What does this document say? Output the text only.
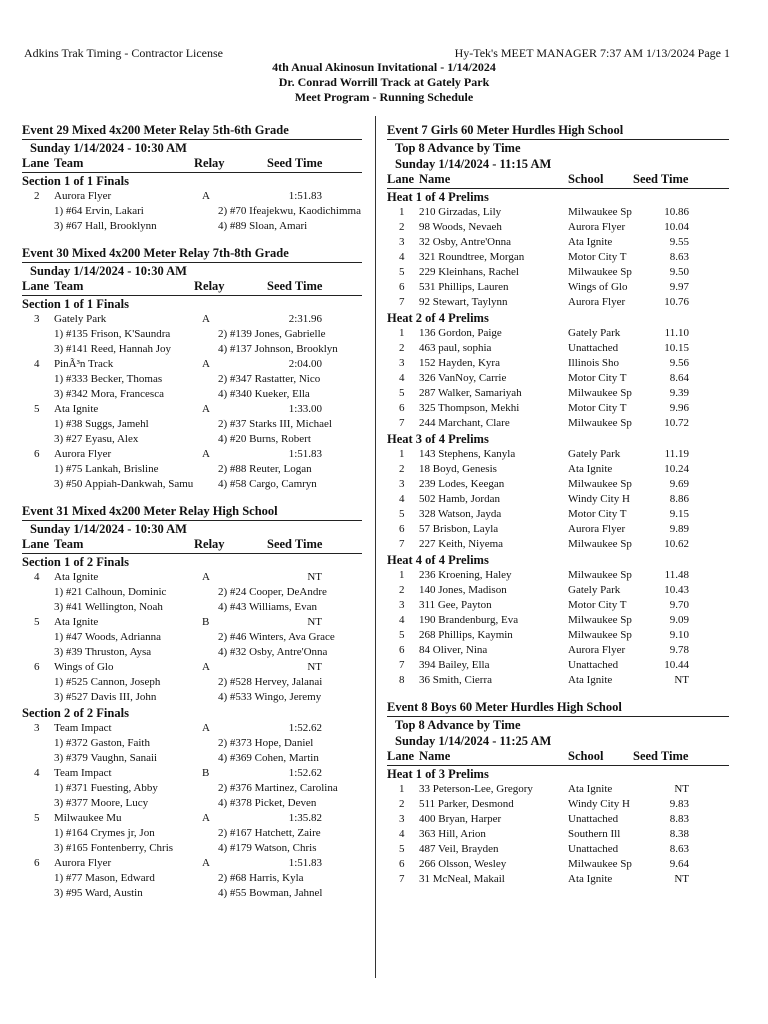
Adkins Trak Timing - Contractor License	Hy-Tek's MEET MANAGER 7:37 AM 1/13/2024 Page 1
4th Anual Akinosun Invitational - 1/14/2024
Dr. Conrad Worrill Track at Gately Park
Meet Program - Running Schedule
Event 29 Mixed 4x200 Meter Relay 5th-6th Grade
Sunday 1/14/2024 - 10:30 AM
Lane Team	Relay	Seed Time
Section 1 of 1 Finals
2 Aurora Flyer	A	1:51.83
1) #64 Ervin, Lakari	2) #70 Ifeajekwu, Kaodichimma
3) #67 Hall, Brooklynn	4) #89 Sloan, Amari
Event 30 Mixed 4x200 Meter Relay 7th-8th Grade
Sunday 1/14/2024 - 10:30 AM
Lane Team	Relay	Seed Time
Section 1 of 1 Finals
3 Gately Park	A	2:31.96
1) #135 Frison, K'Saundra	2) #139 Jones, Gabrielle
3) #141 Reed, Hannah Joy	4) #137 Johnson, Brooklyn
4 PinÃ³n Track	A	2:04.00
1) #333 Becker, Thomas	2) #347 Rastatter, Nico
3) #342 Mora, Francesca	4) #340 Kueker, Ella
5 Ata Ignite	A	1:33.00
1) #38 Suggs, Jamehl	2) #37 Starks III, Michael
3) #27 Eyasu, Alex	4) #20 Burns, Robert
6 Aurora Flyer	A	1:51.83
1) #75 Lankah, Brisline	2) #88 Reuter, Logan
3) #50 Appiah-Dankwah, Samu 4) #58 Cargo, Camryn
Event 31 Mixed 4x200 Meter Relay High School
Sunday 1/14/2024 - 10:30 AM
Lane Team	Relay	Seed Time
Section 1 of 2 Finals
4 Ata Ignite	A	NT
1) #21 Calhoun, Dominic	2) #24 Cooper, DeAndre
3) #41 Wellington, Noah	4) #43 Williams, Evan
5 Ata Ignite	B	NT
1) #47 Woods, Adrianna	2) #46 Winters, Ava Grace
3) #39 Thruston, Aysa	4) #32 Osby, Antre'Onna
6 Wings of Glo	A	NT
1) #525 Cannon, Joseph	2) #528 Hervey, Jalanai
3) #527 Davis III, John	4) #533 Wingo, Jeremy
Section 2 of 2 Finals
3 Team Impact	A	1:52.62
1) #372 Gaston, Faith	2) #373 Hope, Daniel
3) #379 Vaughn, Sanaii	4) #369 Cohen, Martin
4 Team Impact	B	1:52.62
1) #371 Fuesting, Abby	2) #376 Martinez, Carolina
3) #377 Moore, Lucy	4) #378 Picket, Deven
5 Milwaukee Mu	A	1:35.82
1) #164 Crymes jr, Jon	2) #167 Hatchett, Zaire
3) #165 Fontenberry, Chris	4) #179 Watson, Chris
6 Aurora Flyer	A	1:51.83
1) #77 Mason, Edward	2) #68 Harris, Kyla
3) #95 Ward, Austin	4) #55 Bowman, Jahnel
Event 7 Girls 60 Meter Hurdles High School
Top 8 Advance by Time
Sunday 1/14/2024 - 11:15 AM
Lane Name	School Seed Time
Heat 1 of 4 Prelims
1 210 Girzadas, Lily	Milwaukee Sp	10.86
2 98 Woods, Nevaeh	Aurora Flyer	10.04
3 32 Osby, Antre'Onna	Ata Ignite	9.55
4 321 Roundtree, Morgan	Motor City T	8.63
5 229 Kleinhans, Rachel	Milwaukee Sp	9.50
6 531 Phillips, Lauren	Wings of Glo	9.97
7 92 Stewart, Taylynn	Aurora Flyer	10.76
Heat 2 of 4 Prelims
1 136 Gordon, Paige	Gately Park	11.10
2 463 paul, sophia	Unattached	10.15
3 152 Hayden, Kyra	Illinois Sho	9.56
4 326 VanNoy, Carrie	Motor City T	8.64
5 287 Walker, Samariyah	Milwaukee Sp	9.39
6 325 Thompson, Mekhi	Motor City T	9.96
7 244 Marchant, Clare	Milwaukee Sp	10.72
Heat 3 of 4 Prelims
1 143 Stephens, Kanyla	Gately Park	11.19
2 18 Boyd, Genesis	Ata Ignite	10.24
3 239 Lodes, Keegan	Milwaukee Sp	9.69
4 502 Hamb, Jordan	Windy City H	8.86
5 328 Watson, Jayda	Motor City T	9.15
6 57 Brisbon, Layla	Aurora Flyer	9.89
7 227 Keith, Niyema	Milwaukee Sp	10.62
Heat 4 of 4 Prelims
1 236 Kroening, Haley	Milwaukee Sp	11.48
2 140 Jones, Madison	Gately Park	10.43
3 311 Gee, Payton	Motor City T	9.70
4 190 Brandenburg, Eva	Milwaukee Sp	9.09
5 268 Phillips, Kaymin	Milwaukee Sp	9.10
6 84 Oliver, Nina	Aurora Flyer	9.78
7 394 Bailey, Ella	Unattached	10.44
8 36 Smith, Cierra	Ata Ignite	NT
Event 8 Boys 60 Meter Hurdles High School
Top 8 Advance by Time
Sunday 1/14/2024 - 11:25 AM
Lane Name	School Seed Time
Heat 1 of 3 Prelims
1 33 Peterson-Lee, Gregory	Ata Ignite	NT
2 511 Parker, Desmond	Windy City H	9.83
3 400 Bryan, Harper	Unattached	8.83
4 363 Hill, Arion	Southern Ill	8.38
5 487 Veil, Brayden	Unattached	8.63
6 266 Olsson, Wesley	Milwaukee Sp	9.64
7 31 McNeal, Makail	Ata Ignite	NT
